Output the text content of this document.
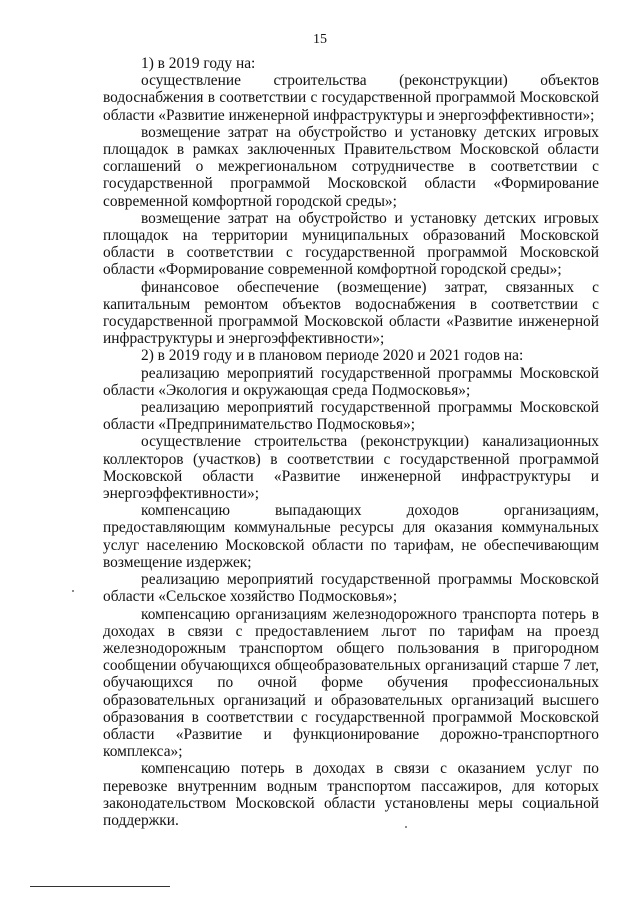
15

1) в 2019 году на:

осуществление строительства (реконструкции) объектов водоснабжения в соответствии с государственной программой Московской области «Развитие инженерной инфраструктуры и энергоэффективности»;

возмещение затрат на обустройство и установку детских игровых площадок в рамках заключенных Правительством Московской области соглашений о межрегиональном сотрудничестве в соответствии с государственной программой Московской области «Формирование современной комфортной городской среды»;

возмещение затрат на обустройство и установку детских игровых площадок на территории муниципальных образований Московской области в соответствии с государственной программой Московской области «Формирование современной комфортной городской среды»;

финансовое обеспечение (возмещение) затрат, связанных с капитальным ремонтом объектов водоснабжения в соответствии с государственной программой Московской области «Развитие инженерной инфраструктуры и энергоэффективности»;

2) в 2019 году и в плановом периоде 2020 и 2021 годов на:

реализацию мероприятий государственной программы Московской области «Экология и окружающая среда Подмосковья»;

реализацию мероприятий государственной программы Московской области «Предпринимательство Подмосковья»;

осуществление строительства (реконструкции) канализационных коллекторов (участков) в соответствии с государственной программой Московской области «Развитие инженерной инфраструктуры и энергоэффективности»;

компенсацию выпадающих доходов организациям, предоставляющим коммунальные ресурсы для оказания коммунальных услуг населению Московской области по тарифам, не обеспечивающим возмещение издержек;

реализацию мероприятий государственной программы Московской области «Сельское хозяйство Подмосковья»;

компенсацию организациям железнодорожного транспорта потерь в доходах в связи с предоставлением льгот по тарифам на проезд железнодорожным транспортом общего пользования в пригородном сообщении обучающихся общеобразовательных организаций старше 7 лет, обучающихся по очной форме обучения профессиональных образовательных организаций и образовательных организаций высшего образования в соответствии с государственной программой Московской области «Развитие и функционирование дорожно-транспортного комплекса»;

компенсацию потерь в доходах в связи с оказанием услуг по перевозке внутренним водным транспортом пассажиров, для которых законодательством Московской области установлены меры социальной поддержки.
